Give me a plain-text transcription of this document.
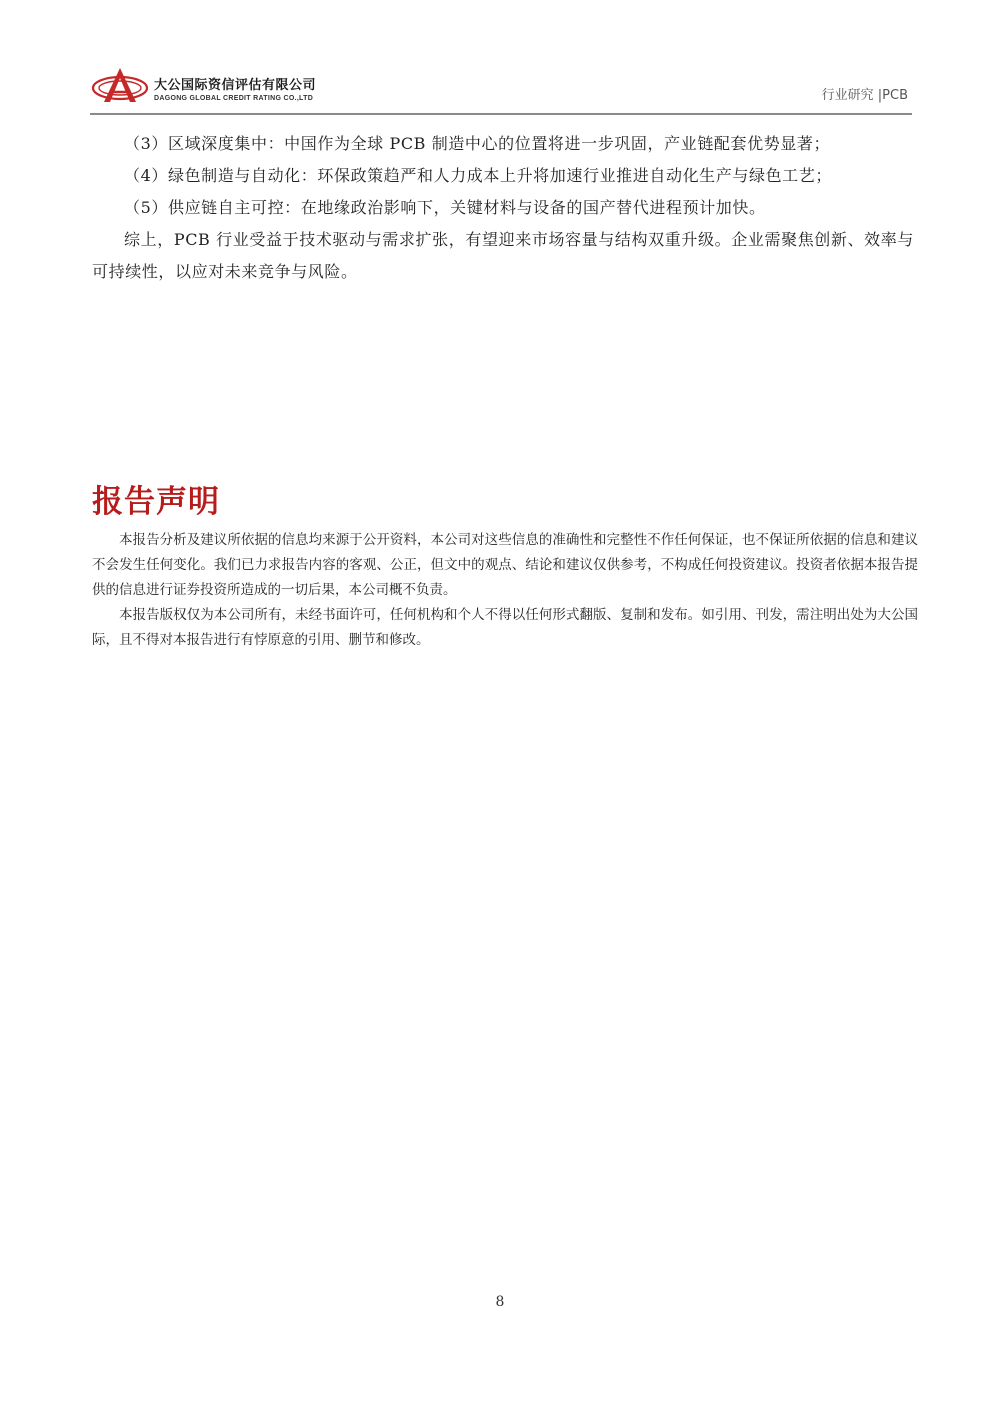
大公国际资信评估有限公司
DAGONG GLOBAL CREDIT RATING CO.,LTD	行业研究 |PCB

（3）区域深度集中：中国作为全球 PCB 制造中心的位置将进一步巩固，产业链配套优势显著；

（4）绿色制造与自动化：环保政策趋严和人力成本上升将加速行业推进自动化生产与绿色工艺；

（5）供应链自主可控：在地缘政治影响下，关键材料与设备的国产替代进程预计加快。

综上，PCB 行业受益于技术驱动与需求扩张，有望迎来市场容量与结构双重升级。企业需聚焦创新、效率与可持续性，以应对未来竞争与风险。

报告声明

本报告分析及建议所依据的信息均来源于公开资料，本公司对这些信息的准确性和完整性不作任何保证，也不保证所依据的信息和建议不会发生任何变化。我们已力求报告内容的客观、公正，但文中的观点、结论和建议仅供参考，不构成任何投资建议。投资者依据本报告提供的信息进行证券投资所造成的一切后果，本公司概不负责。

本报告版权仅为本公司所有，未经书面许可，任何机构和个人不得以任何形式翻版、复制和发布。如引用、刊发，需注明出处为大公国际，且不得对本报告进行有悖原意的引用、删节和修改。

8
